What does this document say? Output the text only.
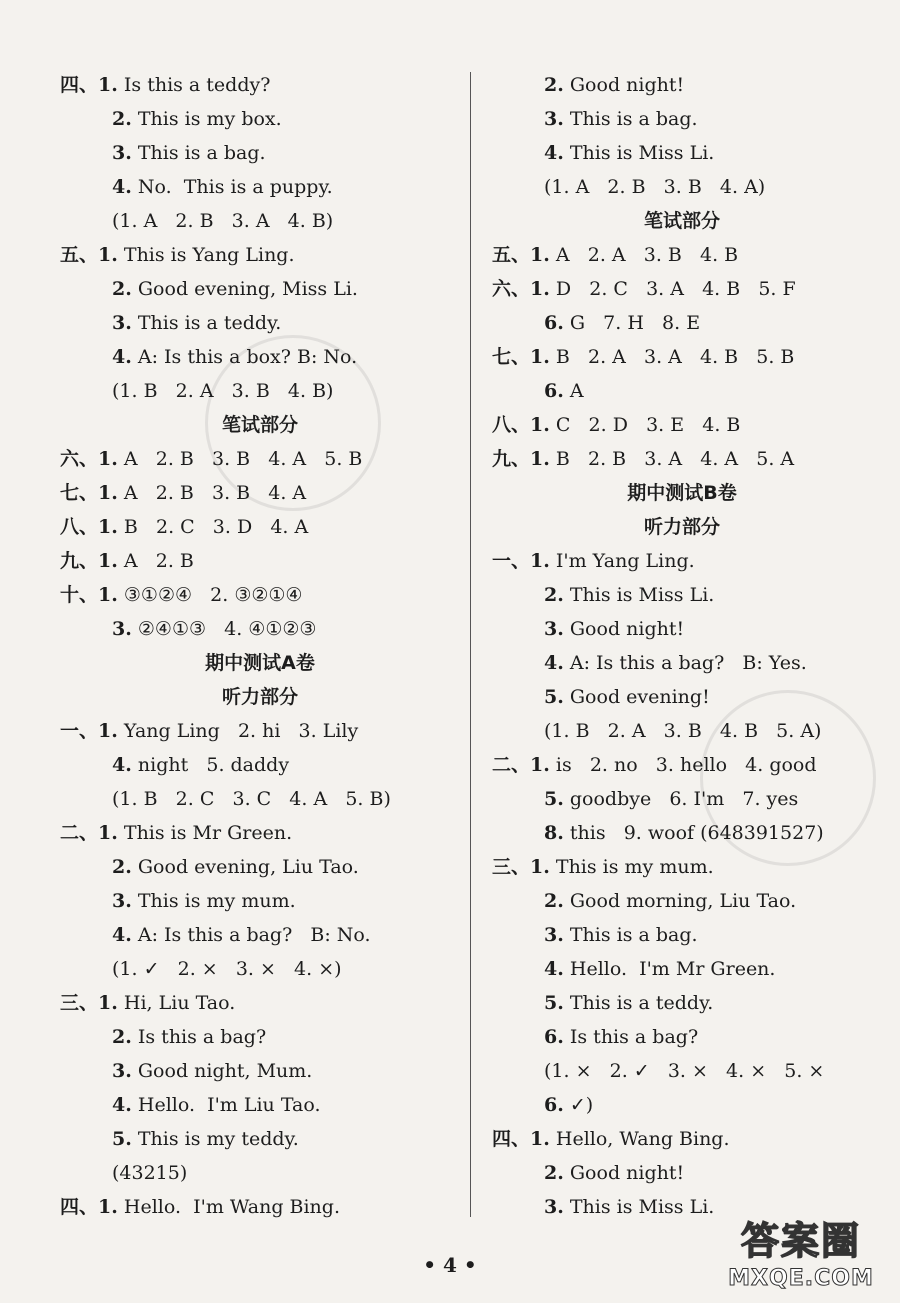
四、1. Is this a teddy?
2. This is my box.
3. This is a bag.
4. No.  This is a puppy.
(1. A   2. B   3. A   4. B)
五、1. This is Yang Ling.
2. Good evening, Miss Li.
3. This is a teddy.
4. A: Is this a box? B: No.
(1. B   2. A   3. B   4. B)
笔试部分
六、1. A   2. B   3. B   4. A   5. B
七、1. A   2. B   3. B   4. A
八、1. B   2. C   3. D   4. A
九、1. A   2. B
十、1. ③①②④   2. ③②①④
3. ②④①③   4. ④①②③
期中测试A卷
听力部分
一、1. Yang Ling   2. hi   3. Lily
4. night   5. daddy
(1. B   2. C   3. C   4. A   5. B)
二、1. This is Mr Green.
2. Good evening, Liu Tao.
3. This is my mum.
4. A: Is this a bag?   B: No.
(1. ✓   2. ×   3. ×   4. ×)
三、1. Hi, Liu Tao.
2. Is this a bag?
3. Good night, Mum.
4. Hello.  I'm Liu Tao.
5. This is my teddy.
(43215)
四、1. Hello.  I'm Wang Bing.
2. Good night!
3. This is a bag.
4. This is Miss Li.
(1. A   2. B   3. B   4. A)
笔试部分
五、1. A   2. A   3. B   4. B
六、1. D   2. C   3. A   4. B   5. F
6. G   7. H   8. E
七、1. B   2. A   3. A   4. B   5. B
6. A
八、1. C   2. D   3. E   4. B
九、1. B   2. B   3. A   4. A   5. A
期中测试B卷
听力部分
一、1. I'm Yang Ling.
2. This is Miss Li.
3. Good night!
4. A: Is this a bag?   B: Yes.
5. Good evening!
(1. B   2. A   3. B   4. B   5. A)
二、1. is   2. no   3. hello   4. good
5. goodbye   6. I'm   7. yes
8. this   9. woof (648391527)
三、1. This is my mum.
2. Good morning, Liu Tao.
3. This is a bag.
4. Hello.  I'm Mr Green.
5. This is a teddy.
6. Is this a bag?
(1. ×   2. ✓   3. ×   4. ×   5. ×
6. ✓)
四、1. Hello, Wang Bing.
2. Good night!
3. This is Miss Li.
• 4 •
答案圈
MXQE.COM
